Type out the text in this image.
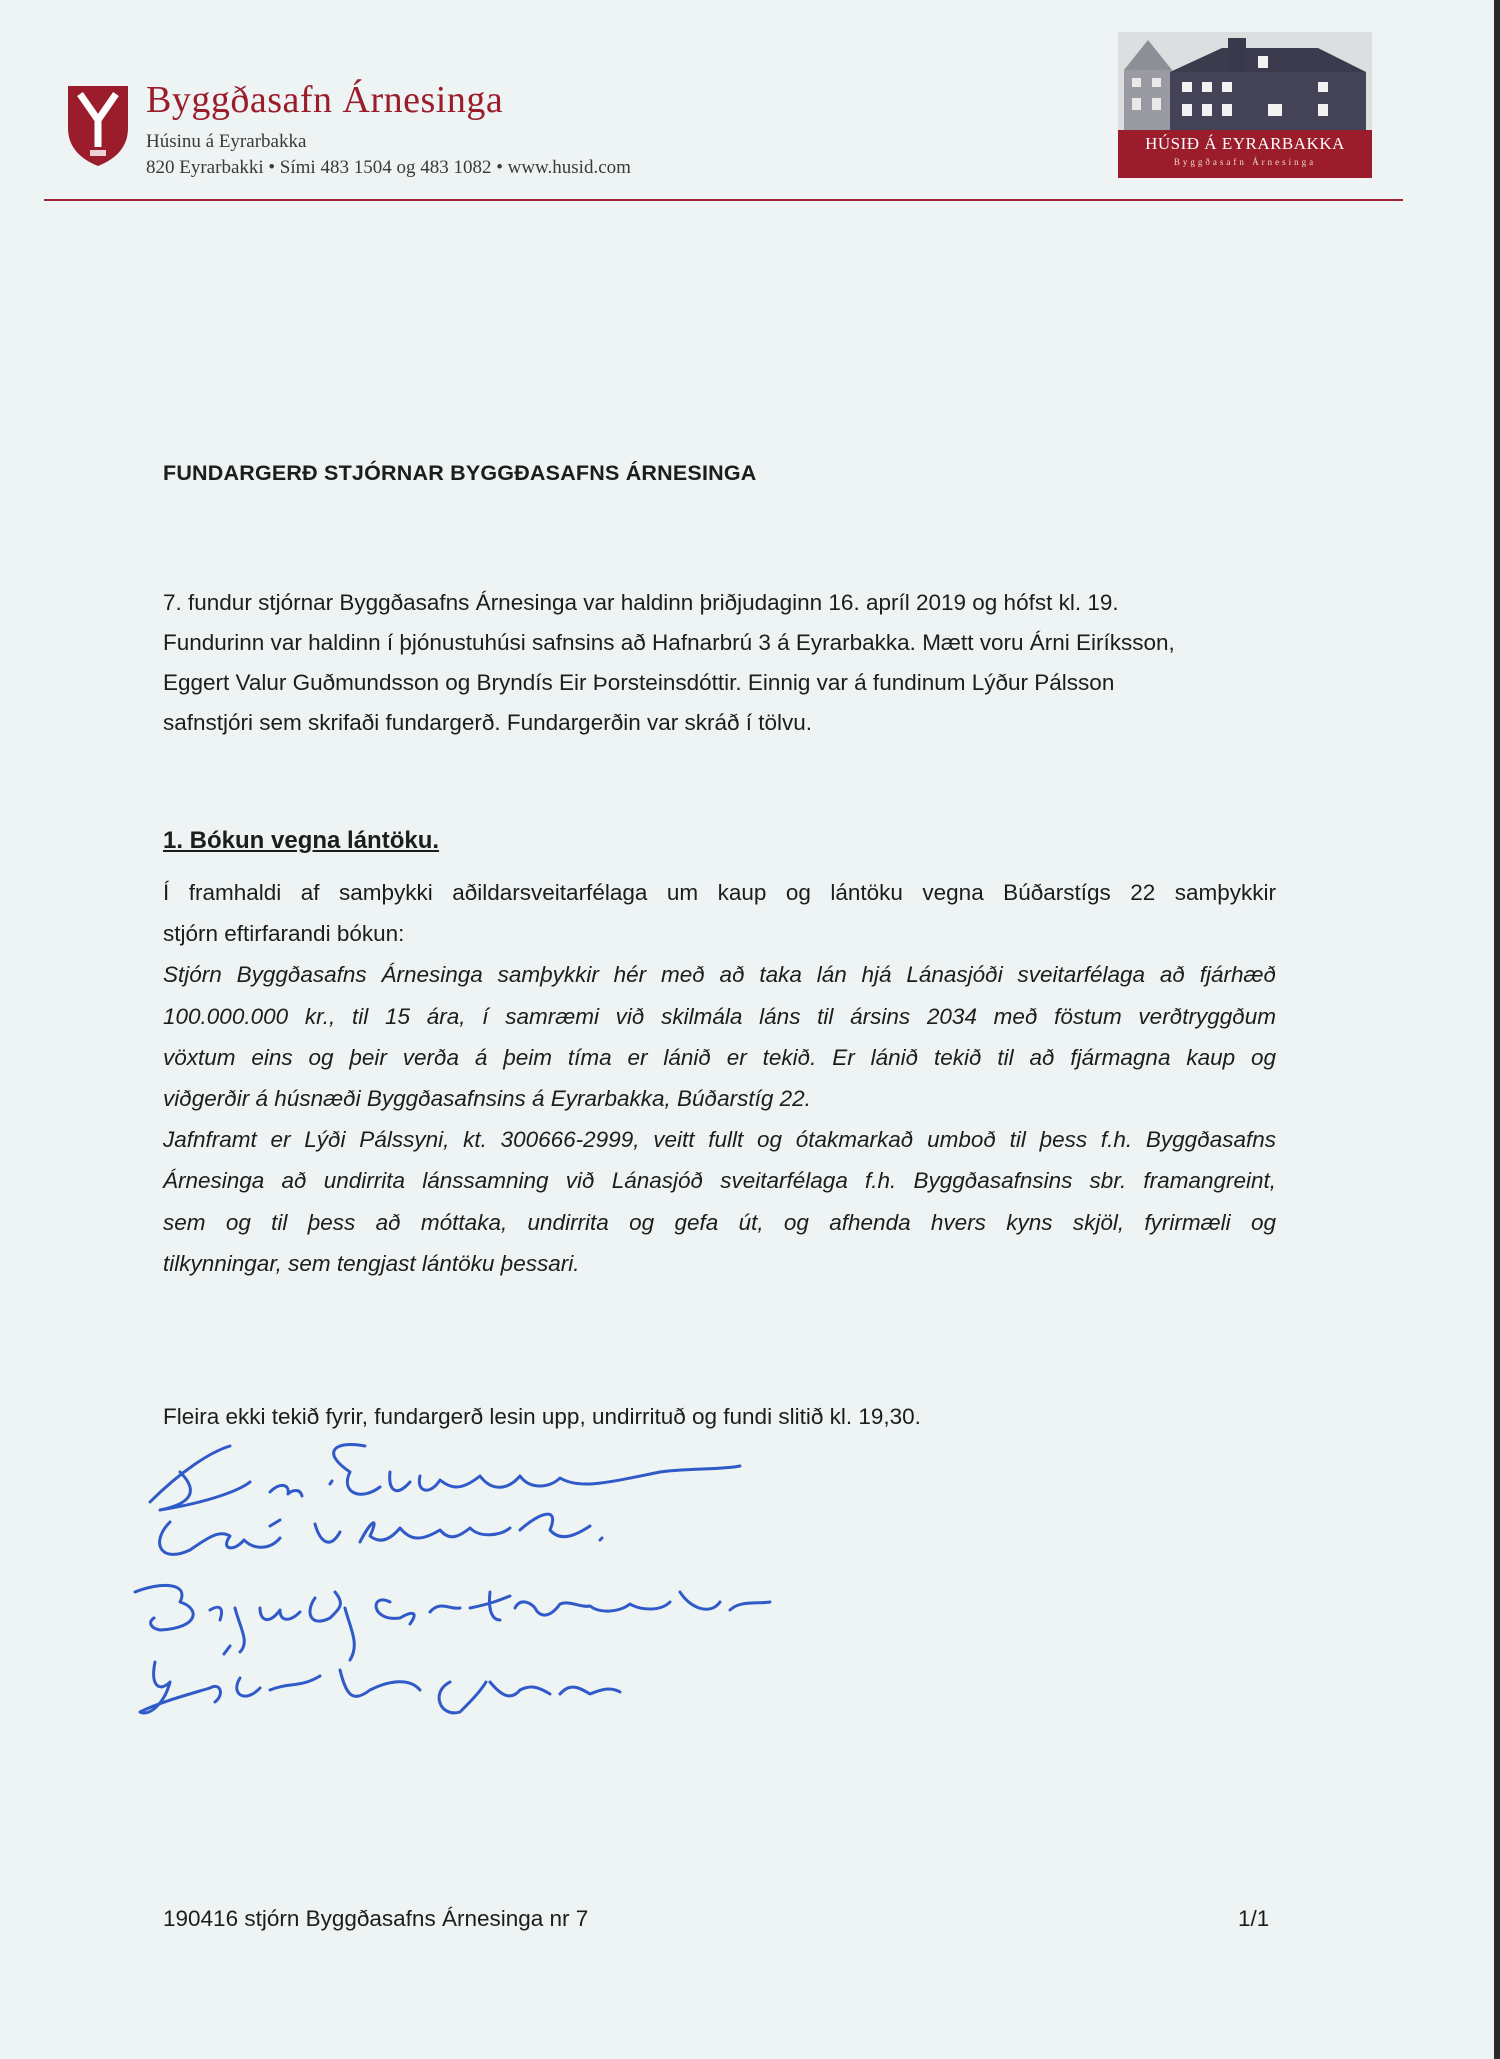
Byggðasafn Árnesinga
Húsinu á Eyrarbakka
820 Eyrarbakki • Sími 483 1504 og 483 1082 • www.husid.com
HÚSIÐ Á EYRARBAKKA
Byggðasafn Árnesinga
FUNDARGERÐ STJÓRNAR BYGGÐASAFNS ÁRNESINGA
7. fundur stjórnar Byggðasafns Árnesinga var haldinn þriðjudaginn 16. apríl 2019 og hófst kl. 19.
Fundurinn var haldinn í þjónustuhúsi safnsins að Hafnarbrú 3 á Eyrarbakka. Mætt voru Árni Eiríksson,
Eggert Valur Guðmundsson og Bryndís Eir Þorsteinsdóttir. Einnig var á fundinum Lýður Pálsson
safnstjóri sem skrifaði fundargerð. Fundargerðin var skráð í tölvu.
1. Bókun vegna lántöku.
Í framhaldi af samþykki aðildarsveitarfélaga um kaup og lántöku vegna Búðarstígs 22 samþykkir
stjórn eftirfarandi bókun:
Stjórn Byggðasafns Árnesinga samþykkir hér með að taka lán hjá Lánasjóði sveitarfélaga að fjárhæð
100.000.000 kr., til 15 ára, í samræmi við skilmála láns til ársins 2034 með föstum verðtryggðum
vöxtum eins og þeir verða á þeim tíma er lánið er tekið. Er lánið tekið til að fjármagna kaup og
viðgerðir á húsnæði Byggðasafnsins á Eyrarbakka, Búðarstíg 22.
Jafnframt er Lýði Pálssyni, kt. 300666-2999, veitt fullt og ótakmarkað umboð til þess f.h. Byggðasafns
Árnesinga að undirrita lánssamning við Lánasjóð sveitarfélaga f.h. Byggðasafnsins sbr. framangreint,
sem og til þess að móttaka, undirrita og gefa út, og afhenda hvers kyns skjöl, fyrirmæli og
tilkynningar, sem tengjast lántöku þessari.
Fleira ekki tekið fyrir, fundargerð lesin upp, undirrituð og fundi slitið kl. 19,30.
190416 stjórn Byggðasafns Árnesinga nr 7	1/1
